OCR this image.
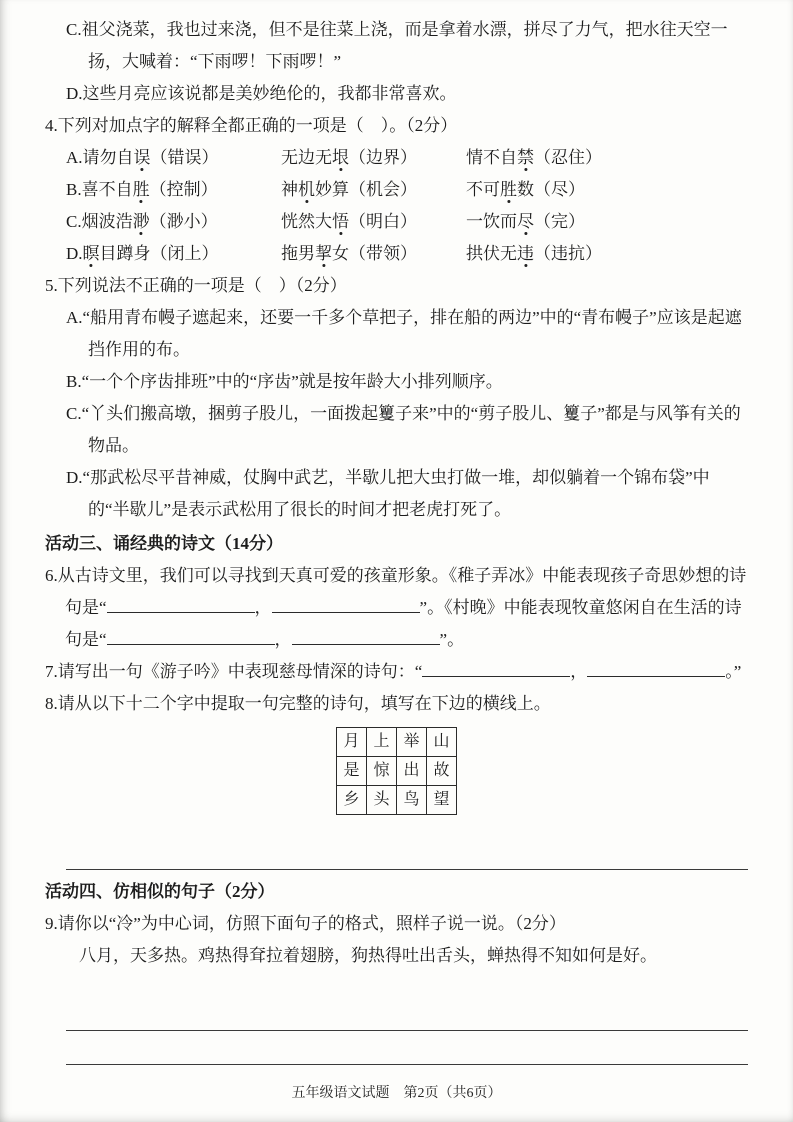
C.祖父浇菜，我也过来浇，但不是往菜上浇，而是拿着水漂，拼尽了力气，把水往天空一扬，大喊着：“下雨啰！下雨啰！”

D.这些月亮应该说都是美妙绝伦的，我都非常喜欢。

4.下列对加点字的解释全都正确的一项是（　）。（2分）

A.请勿自误（错误）	无边无垠（边界）	情不自禁（忍住）
B.喜不自胜（控制）	神机妙算（机会）	不可胜数（尽）
C.烟波浩渺（渺小）	恍然大悟（明白）	一饮而尽（完）
D.瞑目蹲身（闭上）	拖男挈女（带领）	拱伏无违（违抗）

5.下列说法不正确的一项是（　）（2分）

A.“船用青布幔子遮起来，还要一千多个草把子，排在船的两边”中的“青布幔子”应该是起遮挡作用的布。

B.“一个个序齿排班”中的“序齿”就是按年龄大小排列顺序。

C.“丫头们搬高墩，捆剪子股儿，一面拨起籰子来”中的“剪子股儿、籰子”都是与风筝有关的物品。

D.“那武松尽平昔神威，仗胸中武艺，半歇儿把大虫打做一堆，却似躺着一个锦布袋”中的“半歇儿”是表示武松用了很长的时间才把老虎打死了。

活动三、诵经典的诗文（14分）

6.从古诗文里，我们可以寻找到天真可爱的孩童形象。《稚子弄冰》中能表现孩子奇思妙想的诗句是“	，	”。《村晚》中能表现牧童悠闲自在生活的诗句是“	，	”。

7.请写出一句《游子吟》中表现慈母情深的诗句：“	，	。”

8.请从以下十二个字中提取一句完整的诗句，填写在下边的横线上。

月	上	举	山
是	惊	出	故
乡	头	鸟	望

活动四、仿相似的句子（2分）

9.请你以“冷”为中心词，仿照下面句子的格式，照样子说一说。（2分）

八月，天多热。鸡热得耷拉着翅膀，狗热得吐出舌头，蝉热得不知如何是好。

五年级语文试题　第2页（共6页）
